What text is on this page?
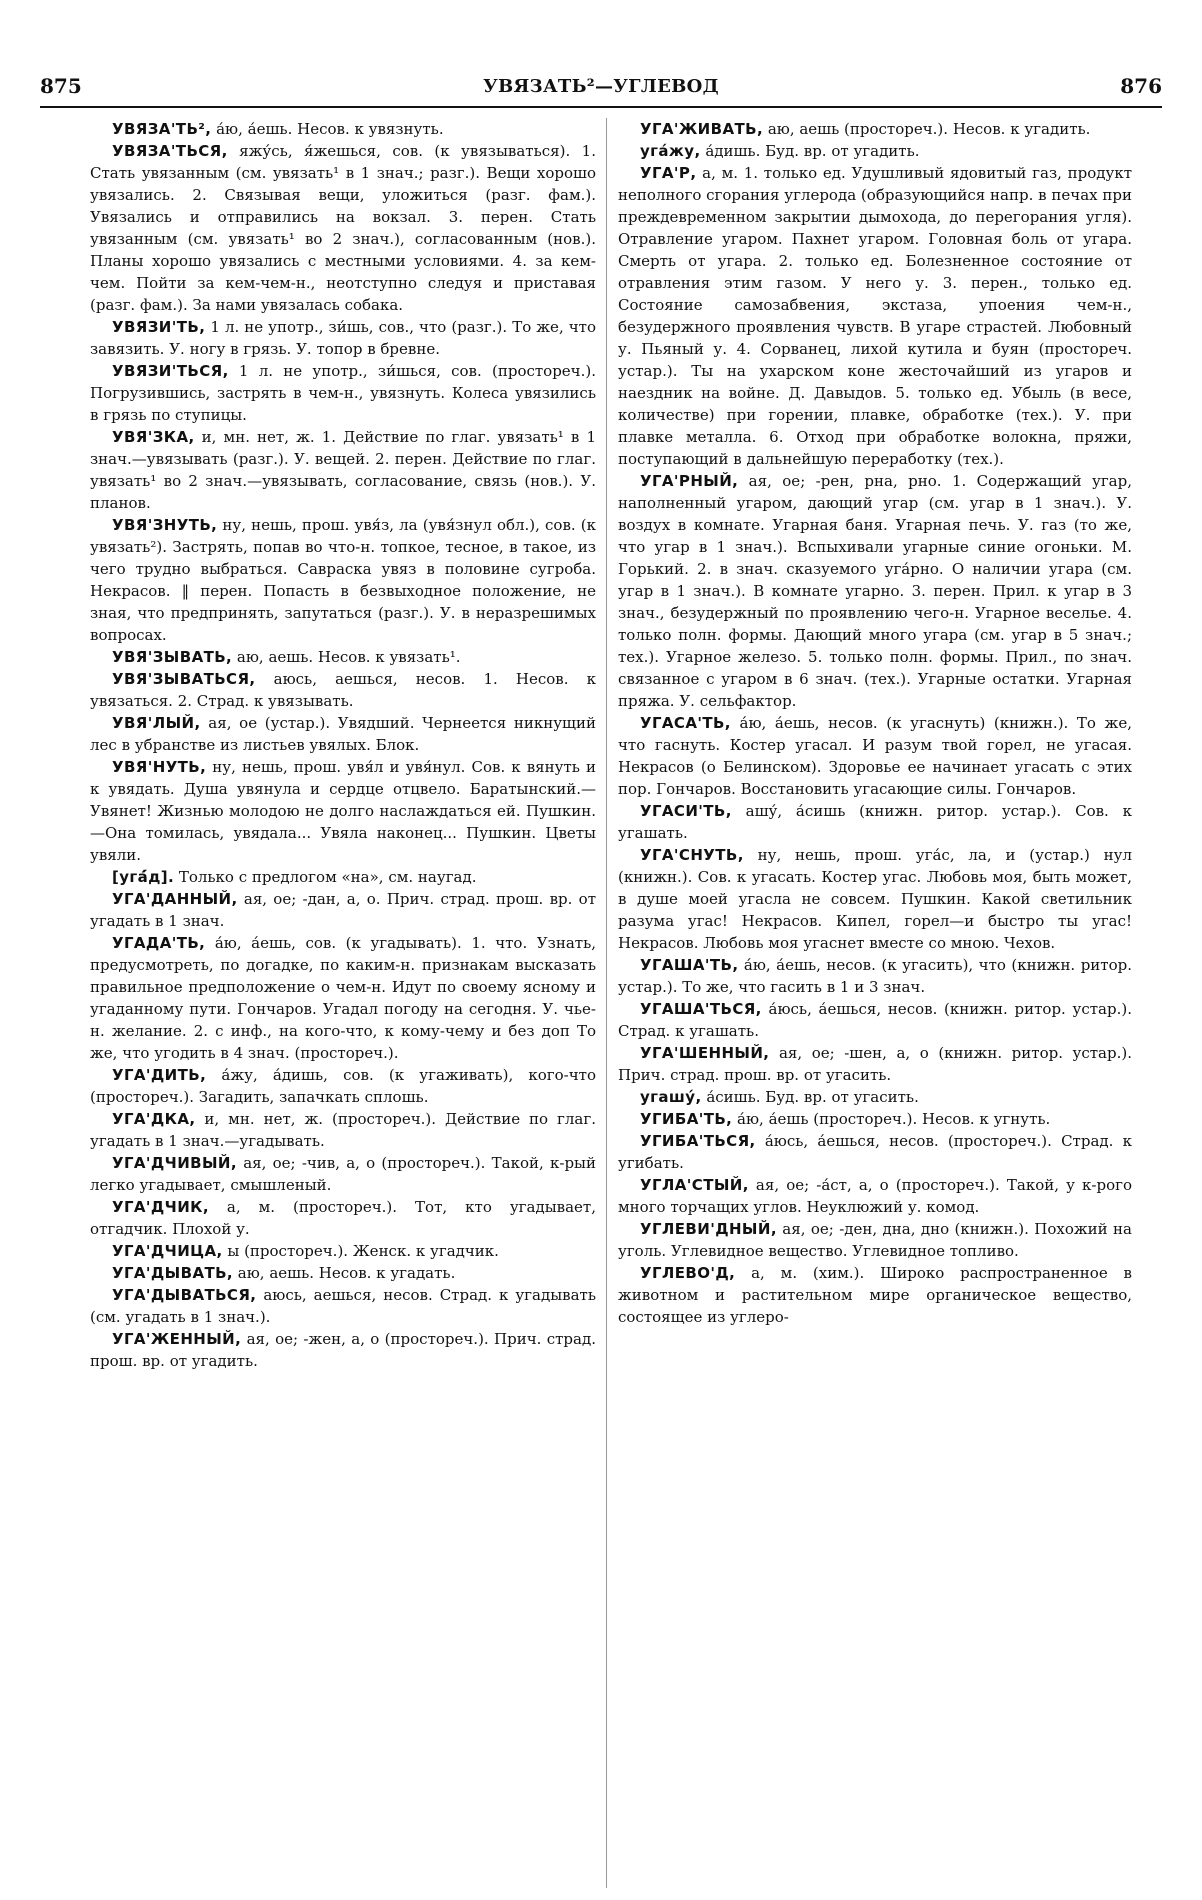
875	УВЯЗАТЬ²—УГЛЕВОД	876

УВЯЗА'ТЬ², а́ю, а́ешь. Несов. к увязнуть.

УВЯЗА'ТЬСЯ, яжу́сь, я́жешься, сов. (к увязываться). 1. Стать увязанным (см. увязать¹ в 1 знач.; разг.). Вещи хорошо увязались. 2. Связывая вещи, уложиться (разг. фам.). Увязались и отправились на вокзал. 3. перен. Стать увязанным (см. увязать¹ во 2 знач.), согласованным (нов.). Планы хорошо увязались с местными условиями. 4. за кем-чем. Пойти за кем-чем-н., неотступно следуя и приставая (разг. фам.). За нами увязалась собака.

УВЯЗИ'ТЬ, 1 л. не употр., зи́шь, сов., что (разг.). То же, что завязить. У. ногу в грязь. У. топор в бревне.

УВЯЗИ'ТЬСЯ, 1 л. не употр., зи́шься, сов. (простореч.). Погрузившись, застрять в чем-н., увязнуть. Колеса увязились в грязь по ступицы.

УВЯ'ЗКА, и, мн. нет, ж. 1. Действие по глаг. увязать¹ в 1 знач.—увязывать (разг.). У. вещей. 2. перен. Действие по глаг. увязать¹ во 2 знач.—увязывать, согласование, связь (нов.). У. планов.

УВЯ'ЗНУТЬ, ну, нешь, прош. увя́з, ла (увя́знул обл.), сов. (к увязать²). Застрять, попав во что-н. топкое, тесное, в такое, из чего трудно выбраться. Савраска увяз в половине сугроба. Некрасов. ‖ перен. Попасть в безвыходное положение, не зная, что предпринять, запутаться (разг.). У. в неразрешимых вопросах.

УВЯ'ЗЫВАТЬ, аю, аешь. Несов. к увязать¹.

УВЯ'ЗЫВАТЬСЯ, аюсь, аешься, несов. 1. Несов. к увязаться. 2. Страд. к увязывать.

УВЯ'ЛЫЙ, ая, ое (устар.). Увядший. Чернеется никнущий лес в убранстве из листьев увялых. Блок.

УВЯ'НУТЬ, ну, нешь, прош. увя́л и увя́нул. Сов. к вянуть и к увядать. Душа увянула и сердце отцвело. Баратынский.—Увянет! Жизнью молодою не долго наслаждаться ей. Пушкин.—Она томилась, увядала... Увяла наконец... Пушкин. Цветы увяли.

[угá́д]. Только с предлогом «на», см. наугад.

УГА'ДАННЫЙ, ая, ое; -дан, а, о. Прич. страд. прош. вр. от угадать в 1 знач.

УГАДА'ТЬ, а́ю, а́ешь, сов. (к угадывать). 1. что. Узнать, предусмотреть, по догадке, по каким-н. признакам высказать правильное предположение о чем-н. Идут по своему ясному и угаданному пути. Гончаров. Угадал погоду на сегодня. У. чье-н. желание. 2. с инф., на кого-что, к кому-чему и без доп То же, что угодить в 4 знач. (простореч.).

УГА'ДИТЬ, а́жу, а́дишь, сов. (к угаживать), кого-что (простореч.). Загадить, запачкать сплошь.

УГА'ДКА, и, мн. нет, ж. (простореч.). Действие по глаг. угадать в 1 знач.—угадывать.

УГА'ДЧИВЫЙ, ая, ое; -чив, а, о (простореч.). Такой, к-рый легко угадывает, смышленый.

УГА'ДЧИК, а, м. (простореч.). Тот, кто угадывает, отгадчик. Плохой у.

УГА'ДЧИЦА, ы (простореч.). Женск. к угадчик.

УГА'ДЫВАТЬ, аю, аешь. Несов. к угадать.

УГА'ДЫВАТЬСЯ, аюсь, аешься, несов. Страд. к угадывать (см. угадать в 1 знач.).

УГА'ЖЕННЫЙ, ая, ое; -жен, а, о (простореч.). Прич. страд. прош. вр. от угадить.

УГА'ЖИВАТЬ, аю, аешь (простореч.). Несов. к угадить.

уга́жу, а́дишь. Буд. вр. от угадить.

УГА'Р, а, м. 1. только ед. Удушливый ядовитый газ, продукт неполного сгорания углерода (образующийся напр. в печах при преждевременном закрытии дымохода, до перегорания угля). Отравление угаром. Пахнет угаром. Головная боль от угара. Смерть от угара. 2. только ед. Болезненное состояние от отравления этим газом. У него у. 3. перен., только ед. Состояние самозабвения, экстаза, упоения чем-н., безудержного проявления чувств. В угаре страстей. Любовный у. Пьяный у. 4. Сорванец, лихой кутила и буян (простореч. устар.). Ты на ухарском коне жесточайший из угаров и наездник на войне. Д. Давыдов. 5. только ед. Убыль (в весе, количестве) при горении, плавке, обработке (тех.). У. при плавке металла. 6. Отход при обработке волокна, пряжи, поступающий в дальнейшую переработку (тех.).

УГА'РНЫЙ, ая, ое; -рен, рна, рно. 1. Содержащий угар, наполненный угаром, дающий угар (см. угар в 1 знач.). У. воздух в комнате. Угарная баня. Угарная печь. У. газ (то же, что угар в 1 знач.). Вспыхивали угарные синие огоньки. М. Горький. 2. в знач. сказуемого уга́рно. О наличии угара (см. угар в 1 знач.). В комнате угарно. 3. перен. Прил. к угар в 3 знач., безудержный по проявлению чего-н. Угарное веселье. 4. только полн. формы. Дающий много угара (см. угар в 5 знач.; тех.). Угарное железо. 5. только полн. формы. Прил., по знач. связанное с угаром в 6 знач. (тех.). Угарные остатки. Угарная пряжа. У. сельфактор.

УГАСА'ТЬ, а́ю, а́ешь, несов. (к угаснуть) (книжн.). То же, что гаснуть. Костер угасал. И разум твой горел, не угасая. Некрасов (о Белинском). Здоровье ее начинает угасать с этих пор. Гончаров. Восстановить угасающие силы. Гончаров.

УГАСИ'ТЬ, ашу́, а́сишь (книжн. ритор. устар.). Сов. к угашать.

УГА'СНУТЬ, ну, нешь, прош. уга́с, ла, и (устар.) нул (книжн.). Сов. к угасать. Костер угас. Любовь моя, быть может, в душе моей угасла не совсем. Пушкин. Какой светильник разума угас! Некрасов. Кипел, горел—и быстро ты угас! Некрасов. Любовь моя угаснет вместе со мною. Чехов.

УГАША'ТЬ, а́ю, а́ешь, несов. (к угасить), что (книжн. ритор. устар.). То же, что гасить в 1 и 3 знач.

УГАША'ТЬСЯ, а́юсь, а́ешься, несов. (книжн. ритор. устар.). Страд. к угашать.

УГА'ШЕННЫЙ, ая, ое; -шен, а, о (книжн. ритор. устар.). Прич. страд. прош. вр. от угасить.

угашу́, а́сишь. Буд. вр. от угасить.

УГИБА'ТЬ, а́ю, а́ешь (простореч.). Несов. к угнуть.

УГИБА'ТЬСЯ, а́юсь, а́ешься, несов. (простореч.). Страд. к угибать.

УГЛА'СТЫЙ, ая, ое; -а́ст, а, о (простореч.). Такой, у к-рого много торчащих углов. Неуклюжий у. комод.

УГЛЕВИ'ДНЫЙ, ая, ое; -ден, дна, дно (книжн.). Похожий на уголь. Углевидное вещество. Углевидное топливо.

УГЛЕВО'Д, а, м. (хим.). Широко распространенное в животном и растительном мире органическое вещество, состоящее из углеро-
